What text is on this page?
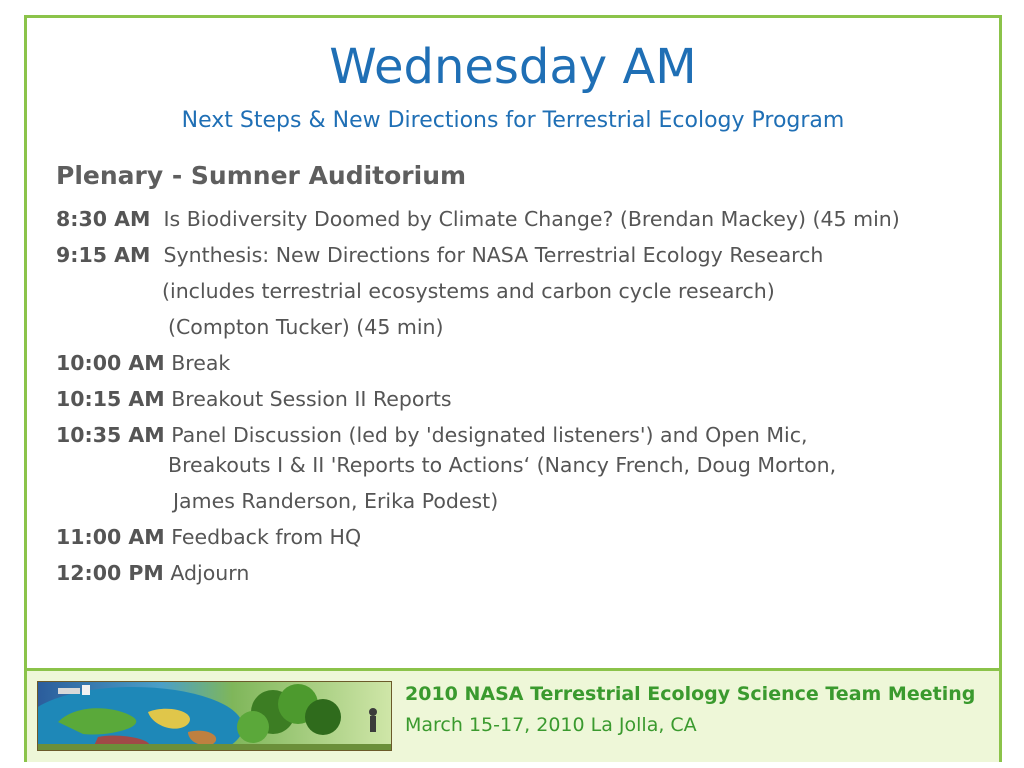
Wednesday AM
Next Steps & New Directions for Terrestrial Ecology Program
Plenary - Sumner Auditorium
8:30 AM Is Biodiversity Doomed by Climate Change? (Brendan Mackey) (45 min)
9:15 AM Synthesis: New Directions for NASA Terrestrial Ecology Research
(includes terrestrial ecosystems and carbon cycle research)
(Compton Tucker) (45 min)
10:00 AM Break
10:15 AM Breakout Session II Reports
10:35 AM Panel Discussion (led by 'designated listeners') and Open Mic,
Breakouts I & II 'Reports to Actions‘ (Nancy French, Doug Morton,
James Randerson, Erika Podest)
11:00 AM Feedback from HQ
12:00 PM Adjourn
2010 NASA Terrestrial Ecology Science Team Meeting
March 15-17, 2010 La Jolla, CA
